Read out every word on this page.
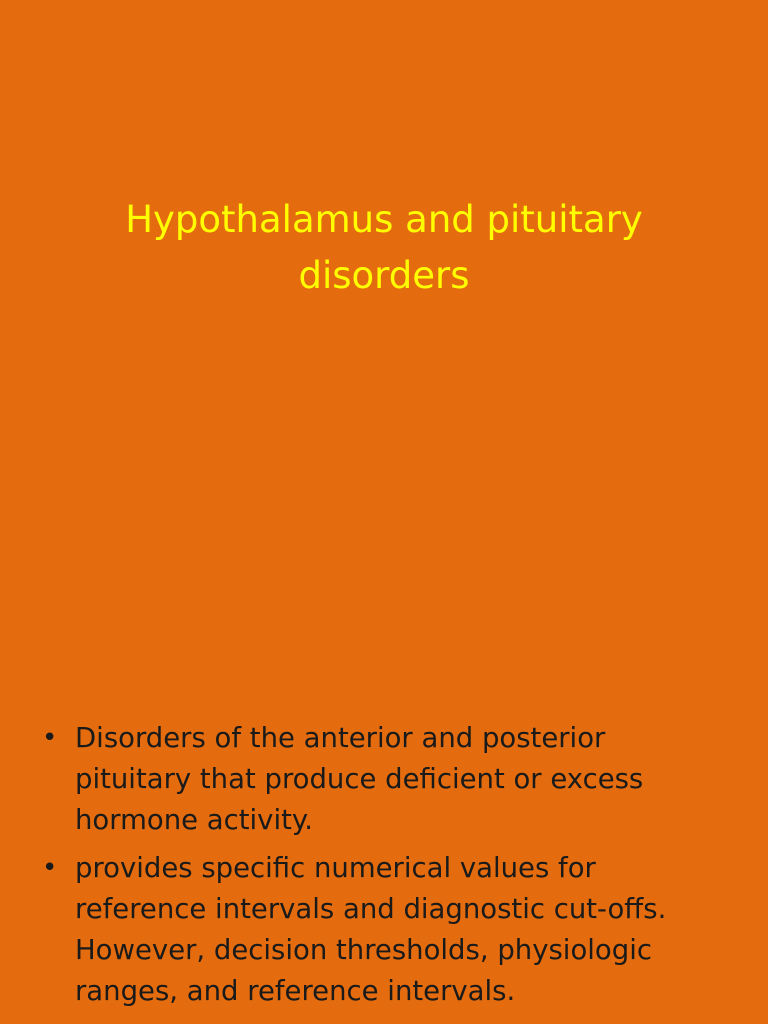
Hypothalamus and pituitary disorders
• Disorders of the anterior and posterior pituitary that produce deficient or excess hormone activity.
• provides specific numerical values for reference intervals and diagnostic cut-offs. However, decision thresholds, physiologic ranges, and reference intervals.
